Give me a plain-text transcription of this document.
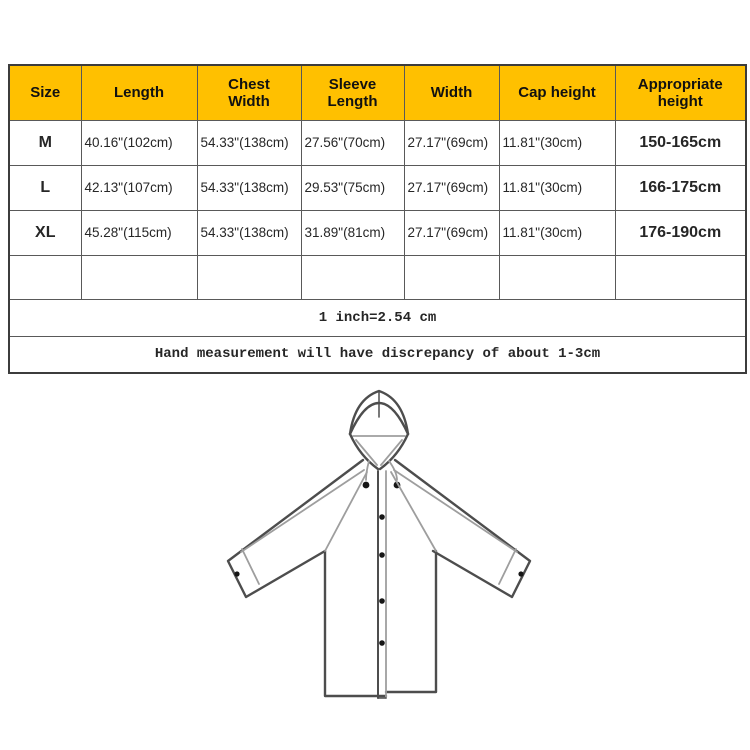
Size	Length	Chest Width	Sleeve Length	Width	Cap height	Appropriate height

M	40.16"(102cm)	54.33"(138cm)	27.56"(70cm)	27.17"(69cm)	11.81"(30cm)	150-165cm
L	42.13"(107cm)	54.33"(138cm)	29.53"(75cm)	27.17"(69cm)	11.81"(30cm)	166-175cm
XL	45.28"(115cm)	54.33"(138cm)	31.89"(81cm)	27.17"(69cm)	11.81"(30cm)	176-190cm

1 inch=2.54 cm						
Hand measurement will have discrepancy of about 1-3cm						
